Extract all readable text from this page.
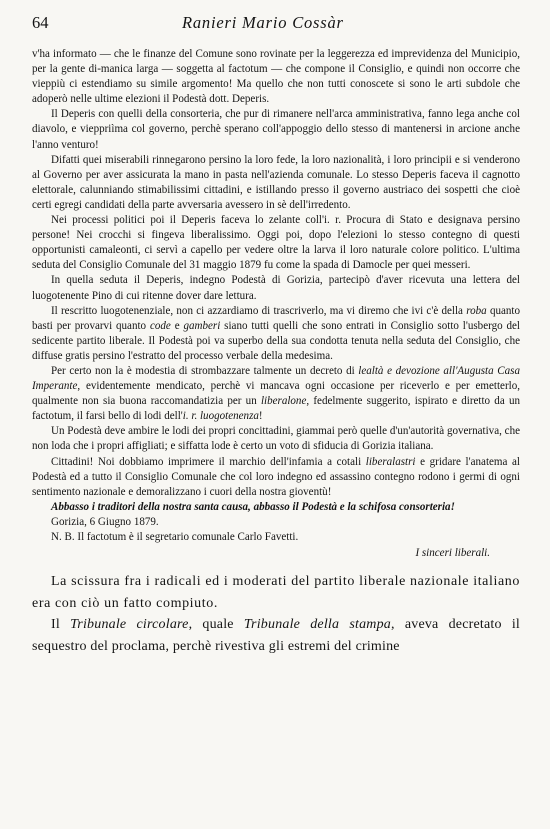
64	Ranieri Mario Cossàr

v'ha informato — che le finanze del Comune sono rovinate per la leggerezza ed imprevidenza del Municipio, per la gente di-manica larga — soggetta al factotum — che compone il Consiglio, e quindi non occorre che vieppiù ci estendiamo su simile argomento! Ma quello che non tutti conoscete si sono le arti subdole che adoperò nelle ultime elezioni il Podestà dott. Deperis.

Il Deperis con quelli della consorteria, che pur di rimanere nell'arca amministrativa, fanno lega anche col diavolo, e vieppriìma col governo, perchè sperano coll'appoggio dello stesso di mantenersi in arcione anche l'anno venturo!

Difatti quei miserabili rinnegarono persino la loro fede, la loro nazionalità, i loro principii e si venderono al Governo per aver assicurata la mano in pasta nell'azienda comunale. Lo stesso Deperis faceva il cagnotto elettorale, calunniando stimabilissimi cittadini, e istillando presso il governo austriaco dei sospetti che cioè certi egregi candidati della parte avversaria avessero in sè dell'irredento.

Nei processi politici poi il Deperis faceva lo zelante coll'i. r. Procura di Stato e designava persino persone! Nei crocchi si fingeva liberalissimo. Oggi poi, dopo l'elezioni lo stesso contegno di questi opportunisti camaleonti, ci servì a capello per vedere oltre la larva il loro naturale colore politico. L'ultima seduta del Consiglio Comunale del 31 maggio 1879 fu come la spada di Damocle per quei messeri.

In quella seduta il Deperis, indegno Podestà di Gorizia, partecipò d'aver ricevuta una lettera del luogotenente Pino di cui ritenne dover dare lettura.

Il rescritto luogotenenziale, non ci azzardiamo di trascriverlo, ma vi diremo che ivi c'è della roba quanto basti per provarvi quanto code e gamberi siano tutti quelli che sono entrati in Consiglio sotto l'usbergo del sedicente partito liberale. Il Podestà poi va superbo della sua condotta tenuta nella seduta del Consiglio, che diffuse gratis persino l'estratto del processo verbale della medesima.

Per certo non la è modestia di strombazzare talmente un decreto di lealtà e devozione all'Augusta Casa Imperante, evidentemente mendicato, perchè vi mancava ogni occasione per riceverlo e per emetterlo, qualmente non sia buona raccomandatizia per un liberalone, fedelmente suggerito, ispirato e diretto da un factotum, il farsi bello di lodi dell'i. r. luogotenenza!

Un Podestà deve ambire le lodi dei propri concittadini, giammai però quelle d'un'autorità governativa, che non loda che i propri affigliati; e siffatta lode è certo un voto di sfiducia di Gorizia italiana.

Cittadini! Noi dobbiamo imprimere il marchio dell'infamia a cotali liberalastri e gridare l'anatema al Podestà ed a tutto il Consiglio Comunale che col loro indegno ed assassino contegno rodono i germi di ogni sentimento nazionale e demoralizzano i cuori della nostra gioventù!

Abbasso i traditori della nostra santa causa, abbasso il Podestà e la schifosa consorteria!

Gorizia, 6 Giugno 1879.

N. B. Il factotum è il segretario comunale Carlo Favetti.

I sinceri liberali.

La scissura fra i radicali ed i moderati del partito liberale nazionale italiano era con ciò un fatto compiuto.

Il Tribunale circolare, quale Tribunale della stampa, aveva decretato il sequestro del proclama, perchè rivestiva gli estremi del crimine
